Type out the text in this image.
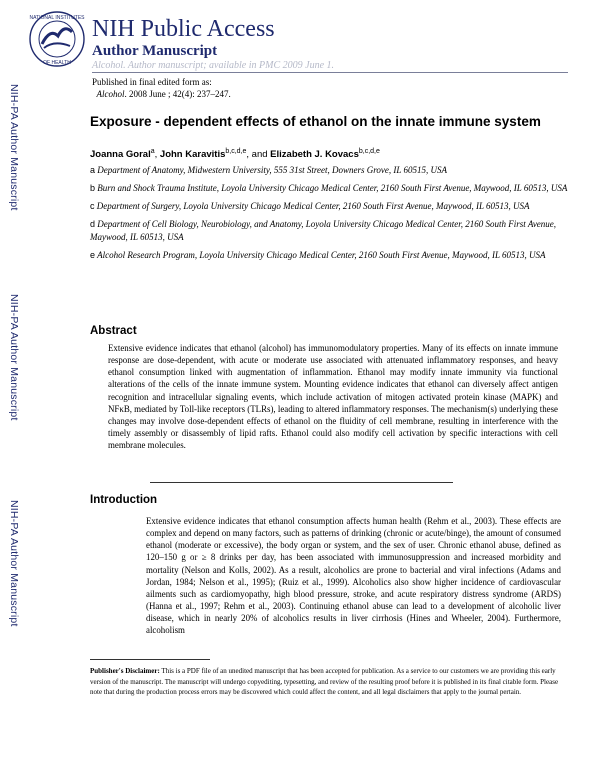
NATIONAL INSTITUTES
OF HEALTH
NIH Public Access
Author Manuscript
Alcohol. Author manuscript; available in PMC 2009 June 1.
Published in final edited form as:
Alcohol. 2008 June ; 42(4): 237–247.
NIH-PA Author Manuscript
NIH-PA Author Manuscript
NIH-PA Author Manuscript
Exposure - dependent effects of ethanol on the innate immune system
Joanna Goral$^a$, John Karavitis$^{b,c,d,e}$, and Elizabeth J. Kovacs$^{b,c,d,e}$
a Department of Anatomy, Midwestern University, 555 31st Street, Downers Grove, IL 60515, USA
b Burn and Shock Trauma Institute, Loyola University Chicago Medical Center, 2160 South First Avenue, Maywood, IL 60513, USA
c Department of Surgery, Loyola University Chicago Medical Center, 2160 South First Avenue, Maywood, IL 60513, USA
d Department of Cell Biology, Neurobiology, and Anatomy, Loyola University Chicago Medical Center, 2160 South First Avenue, Maywood, IL 60513, USA
e Alcohol Research Program, Loyola University Chicago Medical Center, 2160 South First Avenue, Maywood, IL 60513, USA
Abstract
Extensive evidence indicates that ethanol (alcohol) has immunomodulatory properties. Many of its effects on innate immune response are dose-dependent, with acute or moderate use associated with attenuated inflammatory responses, and heavy ethanol consumption linked with augmentation of inflammation. Ethanol may modify innate immunity via functional alterations of the cells of the innate immune system. Mounting evidence indicates that ethanol can diversely affect antigen recognition and intracellular signaling events, which include activation of mitogen activated protein kinase (MAPK) and NFκB, mediated by Toll-like receptors (TLRs), leading to altered inflammatory responses. The mechanism(s) underlying these changes may involve dose-dependent effects of ethanol on the fluidity of cell membrane, resulting in interference with the timely assembly or disassembly of lipid rafts. Ethanol could also modify cell activation by specific interactions with cell membrane molecules.
Introduction
Extensive evidence indicates that ethanol consumption affects human health (Rehm et al., 2003). These effects are complex and depend on many factors, such as patterns of drinking (chronic or acute/binge), the amount of consumed ethanol (moderate or excessive), the body organ or system, and the sex of user. Chronic ethanol abuse, defined as 120–150 g or ≥ 8 drinks per day, has been associated with immunosuppression and increased morbidity and mortality (Nelson and Kolls, 2002). As a result, alcoholics are prone to bacterial and viral infections (Adams and Jordan, 1984; Nelson et al., 1995); (Ruiz et al., 1999). Alcoholics also show higher incidence of cardiovascular ailments such as cardiomyopathy, high blood pressure, stroke, and acute respiratory distress syndrome (ARDS) (Hanna et al., 1997; Rehm et al., 2003). Continuing ethanol abuse can lead to a development of alcoholic liver disease, which in nearly 20% of alcoholics results in liver cirrhosis (Hines and Wheeler, 2004). Furthermore, alcoholism
Publisher's Disclaimer: This is a PDF file of an unedited manuscript that has been accepted for publication. As a service to our customers we are providing this early version of the manuscript. The manuscript will undergo copyediting, typesetting, and review of the resulting proof before it is published in its final citable form. Please note that during the production process errors may be discovered which could affect the content, and all legal disclaimers that apply to the journal pertain.
